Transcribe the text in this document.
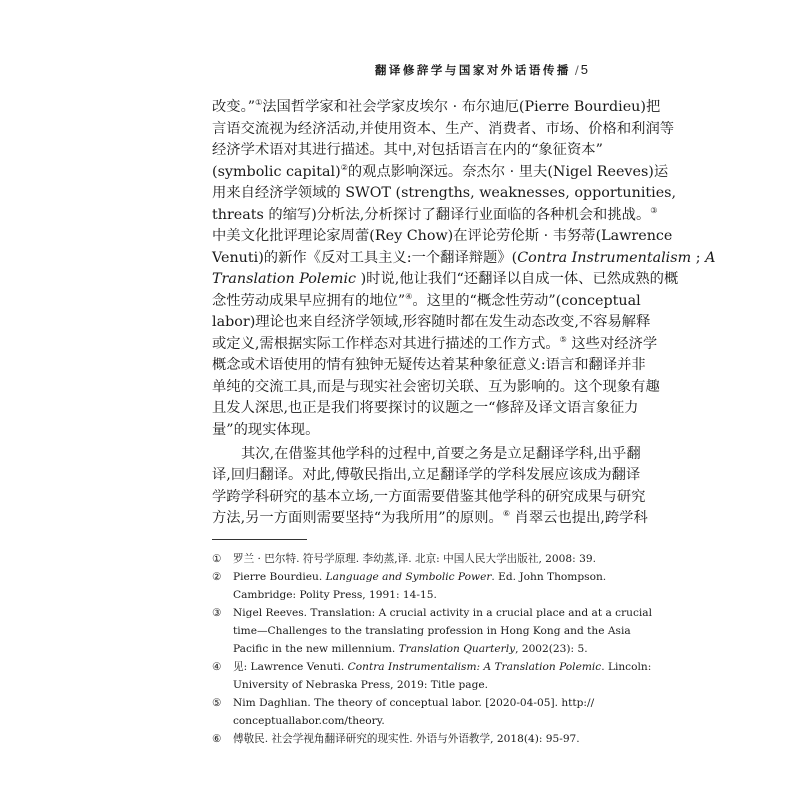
翻译修辞学与国家对外话语传播 / 5
改变。”①法国哲学家和社会学家皮埃尔 · 布尔迪厄(Pierre Bourdieu)把
言语交流视为经济活动,并使用资本、生产、消费者、市场、价格和利润等
经济学术语对其进行描述。其中,对包括语言在内的“象征资本”
(symbolic capital)②的观点影响深远。奈杰尔 · 里夫(Nigel Reeves)运
用来自经济学领域的 SWOT (strengths, weaknesses, opportunities,
threats 的缩写)分析法,分析探讨了翻译行业面临的各种机会和挑战。③
中美文化批评理论家周蕾(Rey Chow)在评论劳伦斯 · 韦努蒂(Lawrence
Venuti)的新作《反对工具主义:一个翻译辩题》(Contra Instrumentalism ; A
Translation Polemic )时说,他让我们“还翻译以自成一体、已然成熟的概
念性劳动成果早应拥有的地位”④。这里的“概念性劳动”(conceptual
labor)理论也来自经济学领域,形容随时都在发生动态改变,不容易解释
或定义,需根据实际工作样态对其进行描述的工作方式。⑤ 这些对经济学
概念或术语使用的情有独钟无疑传达着某种象征意义:语言和翻译并非
单纯的交流工具,而是与现实社会密切关联、互为影响的。这个现象有趣
且发人深思,也正是我们将要探讨的议题之一“修辞及译文语言象征力
量”的现实体现。
其次,在借鉴其他学科的过程中,首要之务是立足翻译学科,出乎翻
译,回归翻译。对此,傅敬民指出,立足翻译学的学科发展应该成为翻译
学跨学科研究的基本立场,一方面需要借鉴其他学科的研究成果与研究
方法,另一方面则需要坚持“为我所用”的原则。⑥ 肖翠云也提出,跨学科
① 罗兰 · 巴尔特. 符号学原理. 李幼蒸,译. 北京: 中国人民大学出版社, 2008: 39.
② Pierre Bourdieu. Language and Symbolic Power. Ed. John Thompson.
Cambridge: Polity Press, 1991: 14-15.
③ Nigel Reeves. Translation: A crucial activity in a crucial place and at a crucial
time—Challenges to the translating profession in Hong Kong and the Asia
Pacific in the new millennium. Translation Quarterly, 2002(23): 5.
④ 见: Lawrence Venuti. Contra Instrumentalism: A Translation Polemic. Lincoln:
University of Nebraska Press, 2019: Title page.
⑤ Nim Daghlian. The theory of conceptual labor. [2020-04-05]. http://
conceptuallabor.com/theory.
⑥ 傅敬民. 社会学视角翻译研究的现实性. 外语与外语教学, 2018(4): 95-97.
